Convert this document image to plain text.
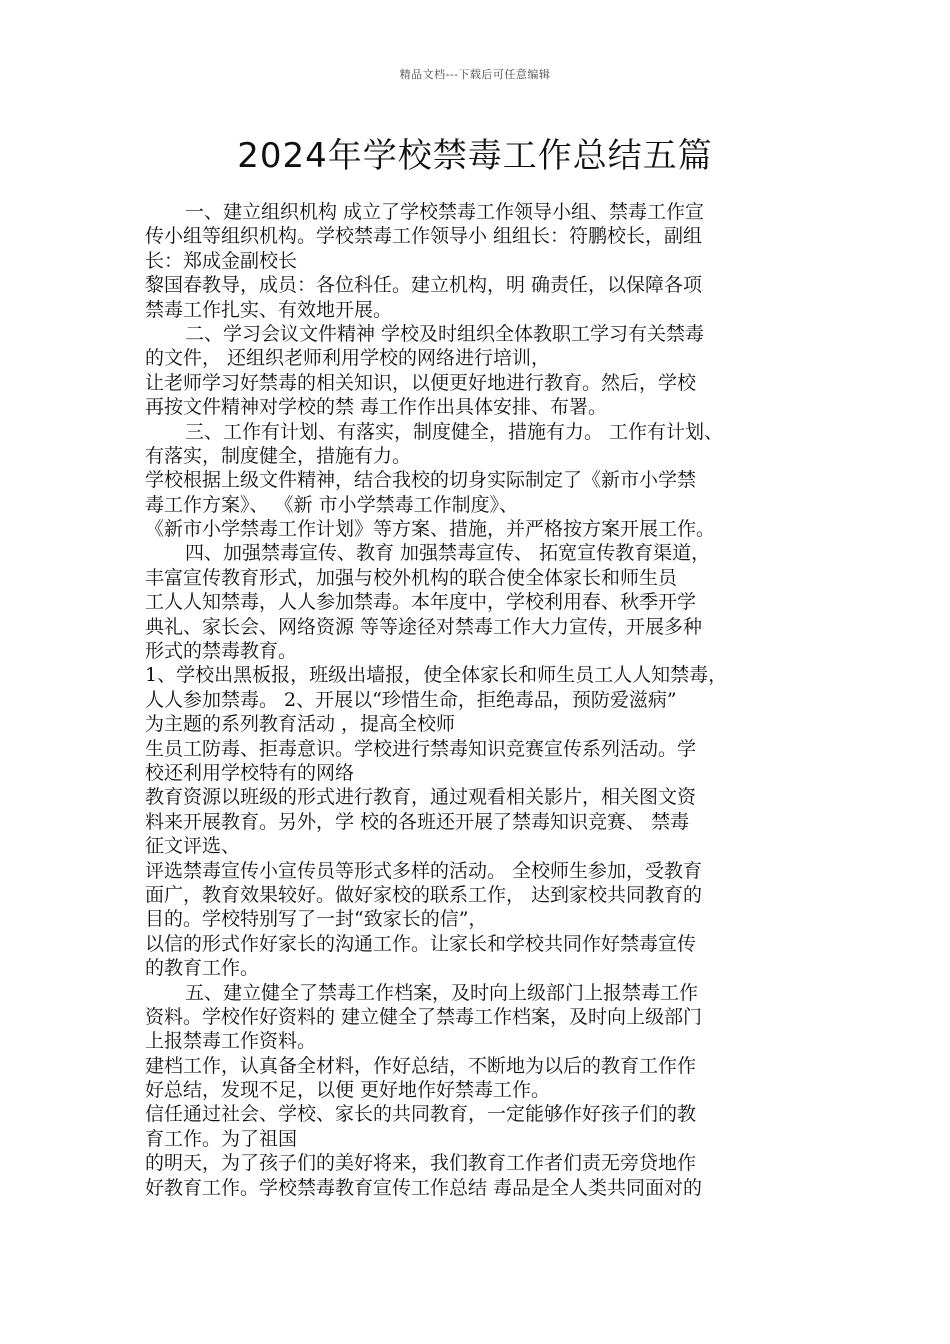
精品文档---下载后可任意编辑
2024年学校禁毒工作总结五篇
一、建立组织机构 成立了学校禁毒工作领导小组、禁毒工作宣
传小组等组织机构。学校禁毒工作领导小 组组长：符鹏校长，副组
长：郑成金副校长
黎国春教导，成员：各位科任。建立机构，明 确责任，以保障各项
禁毒工作扎实、有效地开展。
二、学习会议文件精神 学校及时组织全体教职工学习有关禁毒
的文件， 还组织老师利用学校的网络进行培训，
让老师学习好禁毒的相关知识，以便更好地进行教育。然后，学校
再按文件精神对学校的禁 毒工作作出具体安排、布署。
三、工作有计划、有落实，制度健全，措施有力。 工作有计划、
有落实，制度健全，措施有力。
学校根据上级文件精神，结合我校的切身实际制定了《新市小学禁
毒工作方案》、 《新 市小学禁毒工作制度》、
《新市小学禁毒工作计划》等方案、措施，并严格按方案开展工作。
四、加强禁毒宣传、教育 加强禁毒宣传、 拓宽宣传教育渠道，
丰富宣传教育形式，加强与校外机构的联合使全体家长和师生员
工人人知禁毒，人人参加禁毒。本年度中，学校利用春、秋季开学
典礼、家长会、网络资源 等等途径对禁毒工作大力宣传，开展多种
形式的禁毒教育。
1、学校出黑板报，班级出墙报，使全体家长和师生员工人人知禁毒，
人人参加禁毒。 2、开展以“珍惜生命，拒绝毒品，预防爱滋病”
为主题的系列教育活动 ，提高全校师
生员工防毒、拒毒意识。学校进行禁毒知识竞赛宣传系列活动。学
校还利用学校特有的网络
教育资源以班级的形式进行教育，通过观看相关影片，相关图文资
料来开展教育。另外，学 校的各班还开展了禁毒知识竞赛、 禁毒
征文评选、
评选禁毒宣传小宣传员等形式多样的活动。 全校师生参加，受教育
面广，教育效果较好。做好家校的联系工作， 达到家校共同教育的
目的。学校特别写了一封“致家长的信”，
以信的形式作好家长的沟通工作。让家长和学校共同作好禁毒宣传
的教育工作。
五、建立健全了禁毒工作档案，及时向上级部门上报禁毒工作
资料。学校作好资料的 建立健全了禁毒工作档案，及时向上级部门
上报禁毒工作资料。
建档工作，认真备全材料，作好总结，不断地为以后的教育工作作
好总结，发现不足，以便 更好地作好禁毒工作。
信任通过社会、学校、家长的共同教育，一定能够作好孩子们的教
育工作。为了祖国
的明天，为了孩子们的美好将来，我们教育工作者们责无旁贷地作
好教育工作。学校禁毒教育宣传工作总结 毒品是全人类共同面对的
